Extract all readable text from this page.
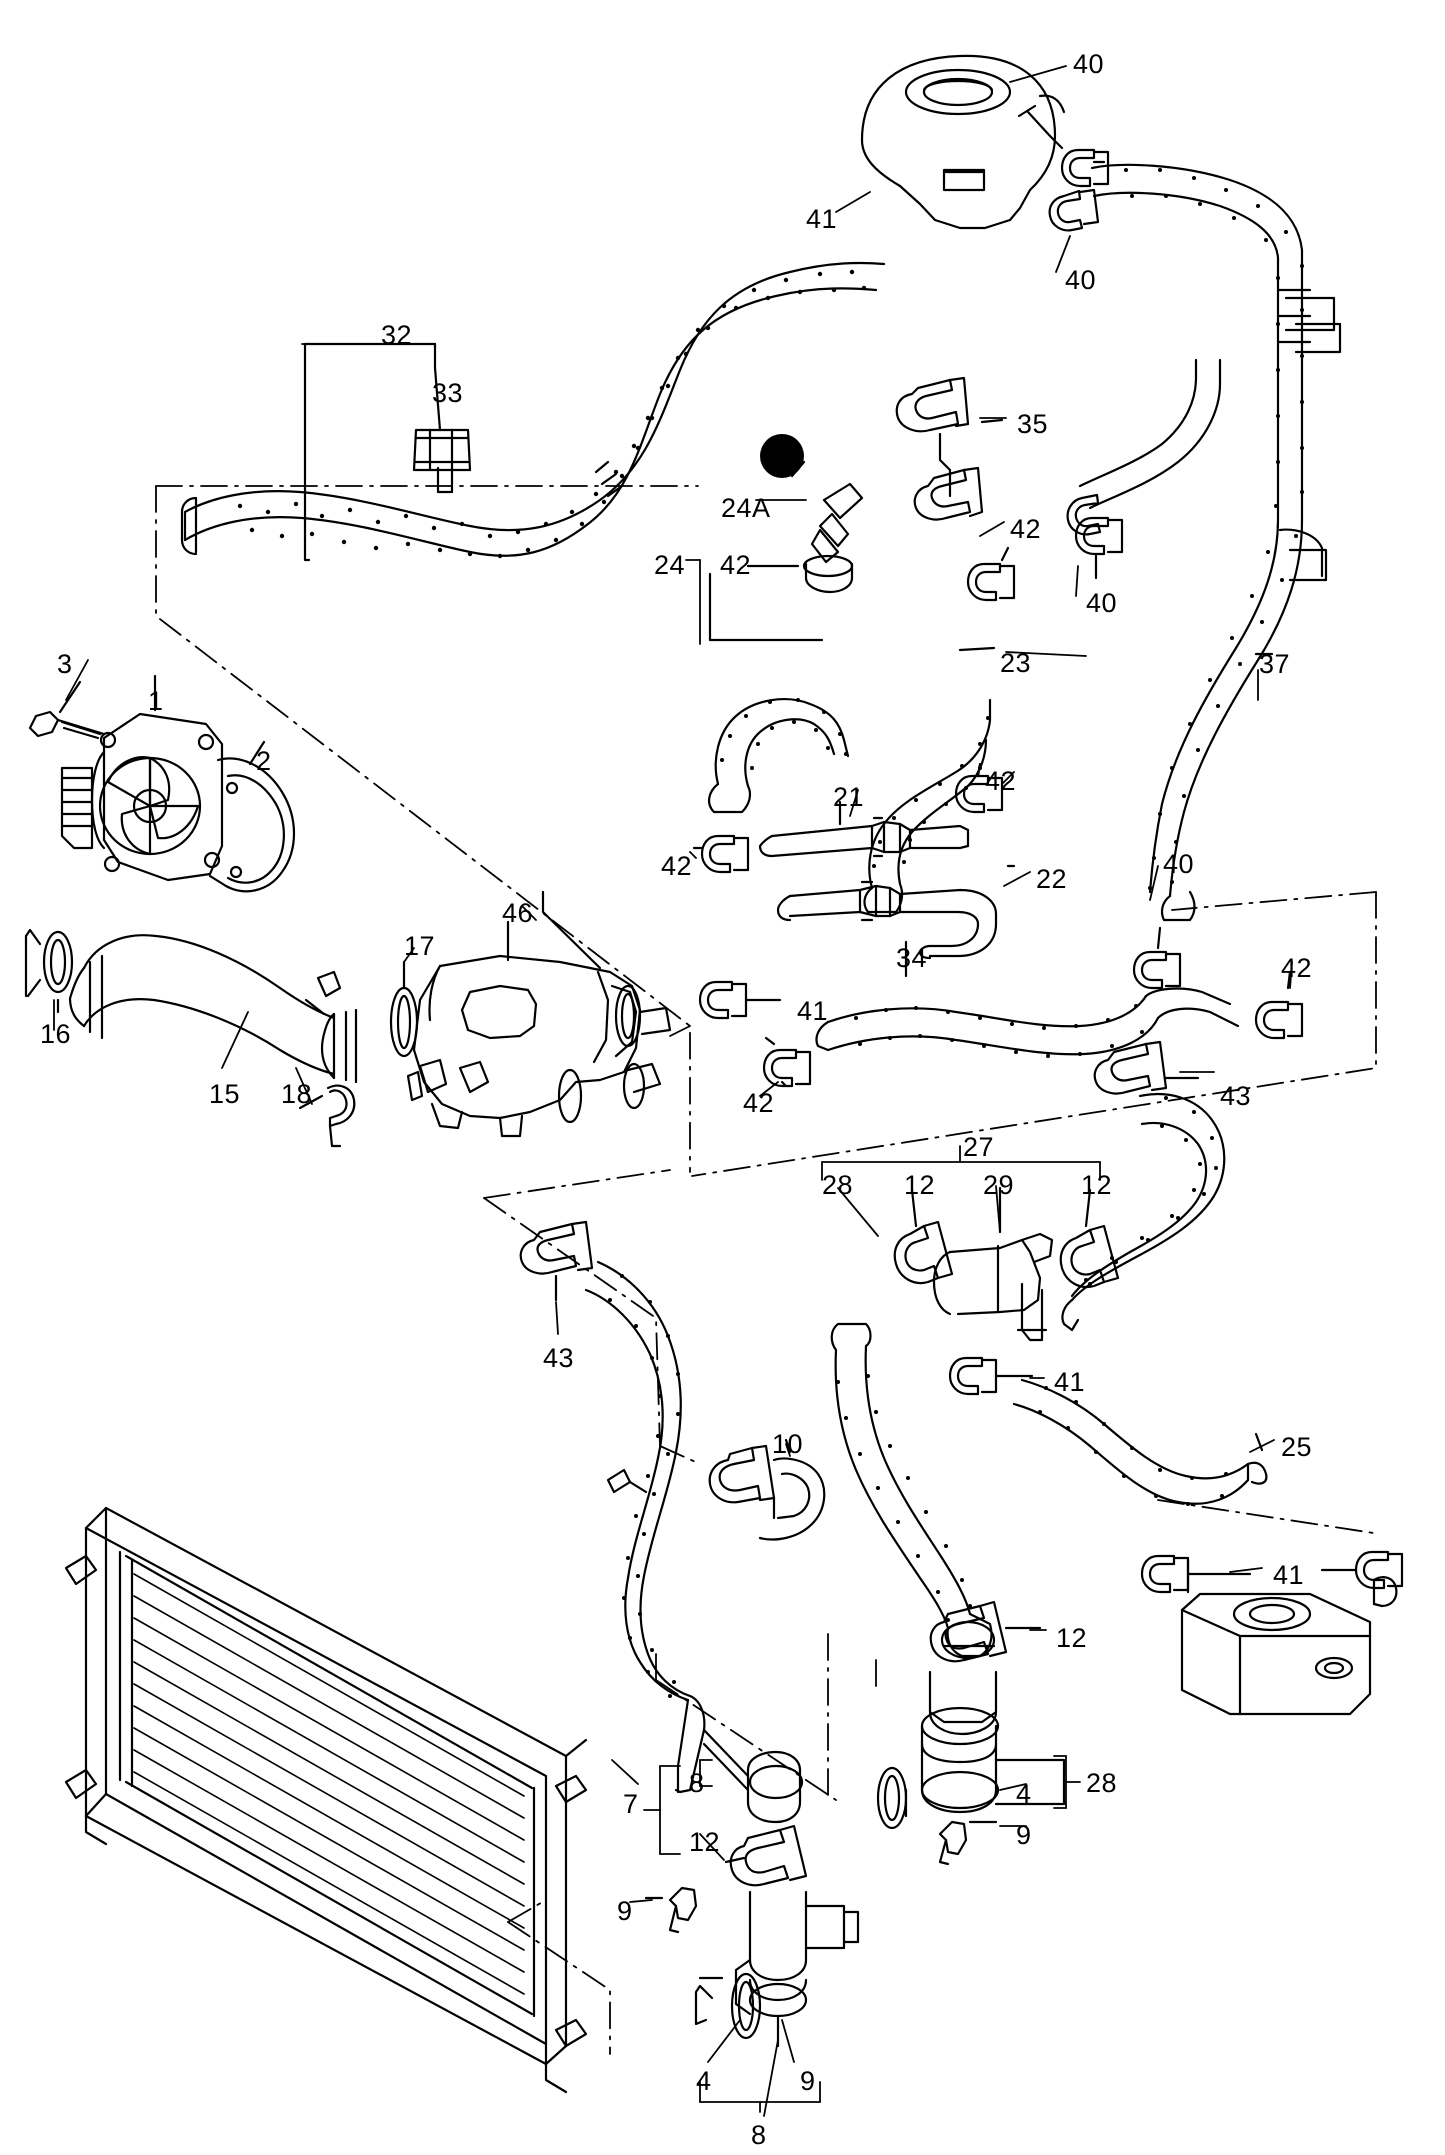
40
41
40
32
33
35
24A
42
24 42
40
23
3	37
1
2
42
21
42	22	40
34	42
46
17
16
41
15 18	42	43
27
28 12 29 12
43
41
10	25
41
12
7
8	4 28
12	9
9
4	9
8
